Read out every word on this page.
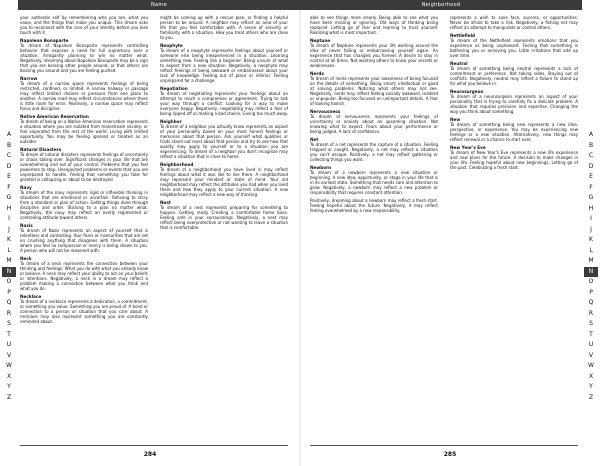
Name
A
B
C
D
E
F
G
H
I
J
K
L
M
N
O
P
Q
R
S
T
U
V
W
X
Y
Z

your authentic self by remembering who you are, what you value, and the things that make you unique. This dream asks you to reconnect with the core of your identity before you lose touch with it.

Napoleon Bonaparte

To dream of Napoleon Bonaparte represents controlling behavior that exposes a need for full supremacy over a situation. Arrogantly planning to win no matter what. Negatively, dreaming about Napoleon Bonaparte may be a sign that you are bossing other people around, or that others are bossing you around and you are feeling pushed.

Narrow

To dream of a narrow space represents feelings of being restricted, confined, or limited. A narrow hallway or passage may reflect limited choices or pressure from one place to another. A narrow road may reflect circumstances where there is little room for error. Positively, a narrow space may reflect focus and discipline.

Native American Reservation

To dream of being on a Native American reservation represents a situation where you are isolated from mainstream society, or feel separated from the rest of the world. Living with limited opportunity. You may be feeling ignored or treated as an outsider.

Natural Disasters

To dream of natural disasters represents feelings of uncertainty or chaos taking over. Significant changes in your life that are overwhelming and out of your control. Problems that you feel powerless to stop. Unexpected problems or events that you are unprepared to handle. Feeling that something you take for granted is collapsing or about to be destroyed.

Navy

To dream of the navy represents rigid or inflexible thinking in situations that are emotional or uncertain. Refusing to stray from a standard or plan of action. Getting things done through discipline and order. Sticking to a plan no matter what. Negatively, the navy may reflect an overly regimented or controlling attitude toward others.

Nazis

To dream of Nazis represents an aspect of yourself that is relentless and controlling. Your fears or insecurities that are set on crushing anything that disagrees with them. A situation where you feel no compassion or mercy is being shown to you. A person who will not be reasoned with.

Neck

To dream of a neck represents the connection between your thinking and feelings. What you do with what you already know or believe. A neck may reflect your ability to act on your beliefs or intentions. Negatively, a neck in a dream may reflect a problem making a connection between what you think and what you do.

Necklace

To dream of a necklace represents a dedication, a commitment, or something you value. Something you are proud of. A bond or connection to a person or situation that you care about. A necklace may also represent something you are constantly reminded about.

might be coming up with a rescue plan, or finding a helpful person to be around. A neighbor may reflect an area of your life that you feel comfortable with. A sense of security or familiarity with a situation. How you treat others who are close to you.

Neophyte

To dream of a neophyte represents feelings about yourself or someone else being inexperienced in a situation. Learning something new. Feeling like a beginner. Being unsure of what to expect from a new situation. Negatively, a neophyte may reflect feelings of being awkward or embarrassed about your lack of knowledge. Feeling out of place or inferior. Feeling unprepared for a challenge.

Negotiation

To dream of negotiating represents your feelings about an attempt to reach a compromise or agreement. Trying to talk your way through a conflict. Looking for a way to make everyone happy. Negatively, negotiating may reflect a fear of being ripped off or making a bad choice. Giving too much away.

Neighbor

To dream of a neighbor you actually know represents an aspect of your personality based on your most honest feelings or memories about that person. Ask yourself what qualities or traits stand out most about that person and try to see how that quality may apply to yourself or to a situation you are experiencing. To dream of a neighbor you don't recognize may reflect a situation that is close to home.

Neighborhood

To dream of a neighborhood you have lived in may reflect feelings about what it was like to live there. A neighborhood may represent your mindset or state of mind. Your old neighborhood may reflect the attitudes you had when you lived there and how they apply to your current situation. A new neighborhood may reflect a new way of thinking.

Nest

To dream of a nest represents preparing for something to happen. Getting ready. Creating a comfortable home base. Feeling safe in your surroundings. Negatively, a nest may reflect being overprotective or not wanting to leave a situation that is comfortable.

284
Neighborhood
A
B
C
D
E
F
G
H
I
J
K
L
M
N
O
P
Q
R
S
T
U
V
W
X
Y
Z

able to see things more clearly. Being able to see what you have been missing or ignoring. Old ways of thinking being replaced. Letting go of fear and learning to trust yourself. Realizing what is most important.

Neptune

To dream of Neptune represents your life working around the idea of never failing or embarrassing yourself again. An experience that has changed you forever. A desire to stay in control at all times. Not wanting others to know your secrets or weaknesses.

Nerds

To dream of nerds represents your awareness of being focused on the details of something. Being smart, intellectual or good at solving problems. Noticing what others may not see. Negatively, nerds may reflect feeling socially awkward, isolated or unpopular. Being too focused on unimportant details. A fear of looking foolish.

Nervousness

To dream of nervousness represents your feelings of uncertainty or anxiety about an upcoming situation. Not knowing what to expect. Fears about your performance or being judged. A lack of confidence.

Net

To dream of a net represents the capture of a situation. Feeling trapped or caught. Negatively, a net may reflect a situation you can't escape. Positively, a net may reflect gathering or collecting things you want.

Newborn

To dream of a newborn represents a new situation or beginning. A new idea, opportunity, or stage in your life that is in its earliest state. Something that needs care and attention to grow. Negatively, a newborn may reflect a new problem or responsibility that requires constant attention.

Positively, dreaming about a newborn may reflect a fresh start. Feeling hopeful about the future. Negatively, it may reflect feeling overwhelmed by a new responsibility.

represents a wish to save face, success, or opportunities. Never be afraid to take a risk. Negatively, a fishing net may reflect an attempt to manipulate or control others.

Nettlefield

To dream of the Nettlefield represents emotions that you experience as being unpleasant. Feeling that something is bothering you or annoying you. Little irritations that add up over time.

Neutral

To dream of something being neutral represents a lack of commitment or preference. Not taking sides. Staying out of conflicts. Negatively, neutral may reflect a failure to stand up for what you believe in.

Neurosurgeon

To dream of a neurosurgeon represents an aspect of your personality that is trying to carefully fix a delicate problem. A situation that requires precision and expertise. Changing the way you think about something.

New

To dream of something being new represents a new idea, perspective, or experience. You may be experiencing new feelings or a new situation. Alternatively, new things may reflect renewal or a chance to start over.

New Year's Eve

To dream of New Year's Eve represents a new life experience and new plans for the future. A decision to make changes in your life. Feeling hopeful about new beginnings. Letting go of the past. Celebrating a fresh start.

285
